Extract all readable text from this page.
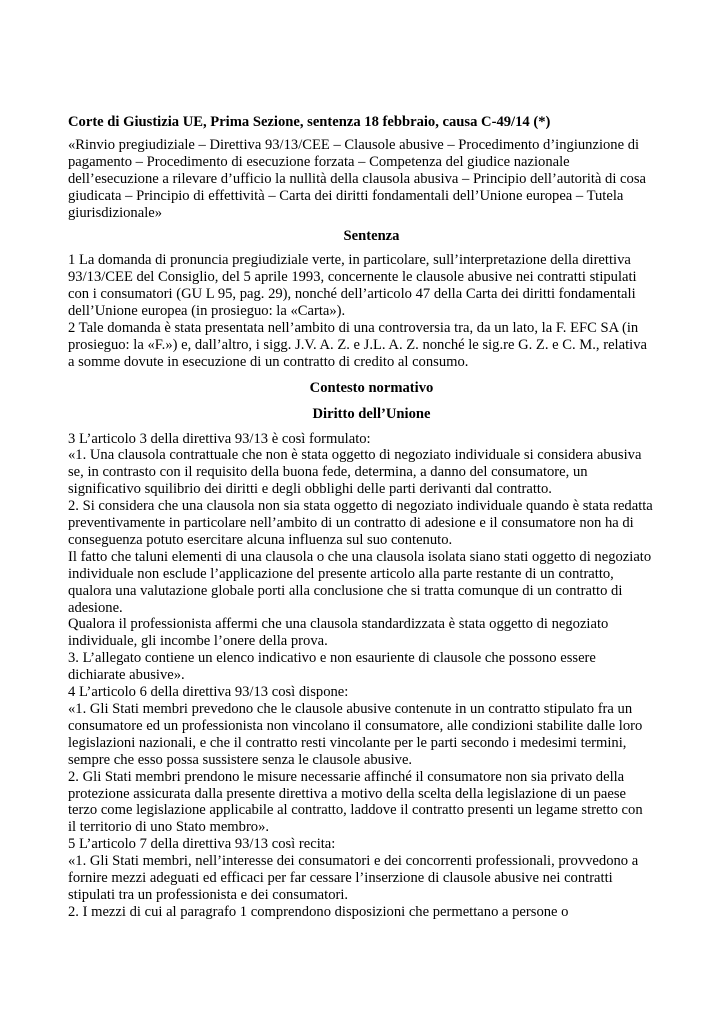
Corte di Giustizia UE, Prima Sezione, sentenza 18 febbraio, causa C-49/14 (*)

«Rinvio pregiudiziale – Direttiva 93/13/CEE – Clausole abusive – Procedimento d’ingiunzione di
pagamento – Procedimento di esecuzione forzata – Competenza del giudice nazionale
dell’esecuzione a rilevare d’ufficio la nullità della clausola abusiva – Principio dell’autorità di cosa
giudicata – Principio di effettività – Carta dei diritti fondamentali dell’Unione europea – Tutela
giurisdizionale»

Sentenza

1 La domanda di pronuncia pregiudiziale verte, in particolare, sull’interpretazione della direttiva
93/13/CEE del Consiglio, del 5 aprile 1993, concernente le clausole abusive nei contratti stipulati
con i consumatori (GU L 95, pag. 29), nonché dell’articolo 47 della Carta dei diritti fondamentali
dell’Unione europea (in prosieguo: la «Carta»).
2 Tale domanda è stata presentata nell’ambito di una controversia tra, da un lato, la F. EFC SA (in
prosieguo: la «F.») e, dall’altro, i sigg. J.V. A. Z. e J.L. A. Z. nonché le sig.re G. Z. e C. M., relativa
a somme dovute in esecuzione di un contratto di credito al consumo.

Contesto normativo

Diritto dell’Unione

3 L’articolo 3 della direttiva 93/13 è così formulato:
«1. Una clausola contrattuale che non è stata oggetto di negoziato individuale si considera abusiva
se, in contrasto con il requisito della buona fede, determina, a danno del consumatore, un
significativo squilibrio dei diritti e degli obblighi delle parti derivanti dal contratto.
2. Si considera che una clausola non sia stata oggetto di negoziato individuale quando è stata redatta
preventivamente in particolare nell’ambito di un contratto di adesione e il consumatore non ha di
conseguenza potuto esercitare alcuna influenza sul suo contenuto.
Il fatto che taluni elementi di una clausola o che una clausola isolata siano stati oggetto di negoziato
individuale non esclude l’applicazione del presente articolo alla parte restante di un contratto,
qualora una valutazione globale porti alla conclusione che si tratta comunque di un contratto di
adesione.
Qualora il professionista affermi che una clausola standardizzata è stata oggetto di negoziato
individuale, gli incombe l’onere della prova.
3. L’allegato contiene un elenco indicativo e non esauriente di clausole che possono essere
dichiarate abusive».
4 L’articolo 6 della direttiva 93/13 così dispone:
«1. Gli Stati membri prevedono che le clausole abusive contenute in un contratto stipulato fra un
consumatore ed un professionista non vincolano il consumatore, alle condizioni stabilite dalle loro
legislazioni nazionali, e che il contratto resti vincolante per le parti secondo i medesimi termini,
sempre che esso possa sussistere senza le clausole abusive.
2. Gli Stati membri prendono le misure necessarie affinché il consumatore non sia privato della
protezione assicurata dalla presente direttiva a motivo della scelta della legislazione di un paese
terzo come legislazione applicabile al contratto, laddove il contratto presenti un legame stretto con
il territorio di uno Stato membro».
5 L’articolo 7 della direttiva 93/13 così recita:
«1. Gli Stati membri, nell’interesse dei consumatori e dei concorrenti professionali, provvedono a
fornire mezzi adeguati ed efficaci per far cessare l’inserzione di clausole abusive nei contratti
stipulati tra un professionista e dei consumatori.
2. I mezzi di cui al paragrafo 1 comprendono disposizioni che permettano a persone o
